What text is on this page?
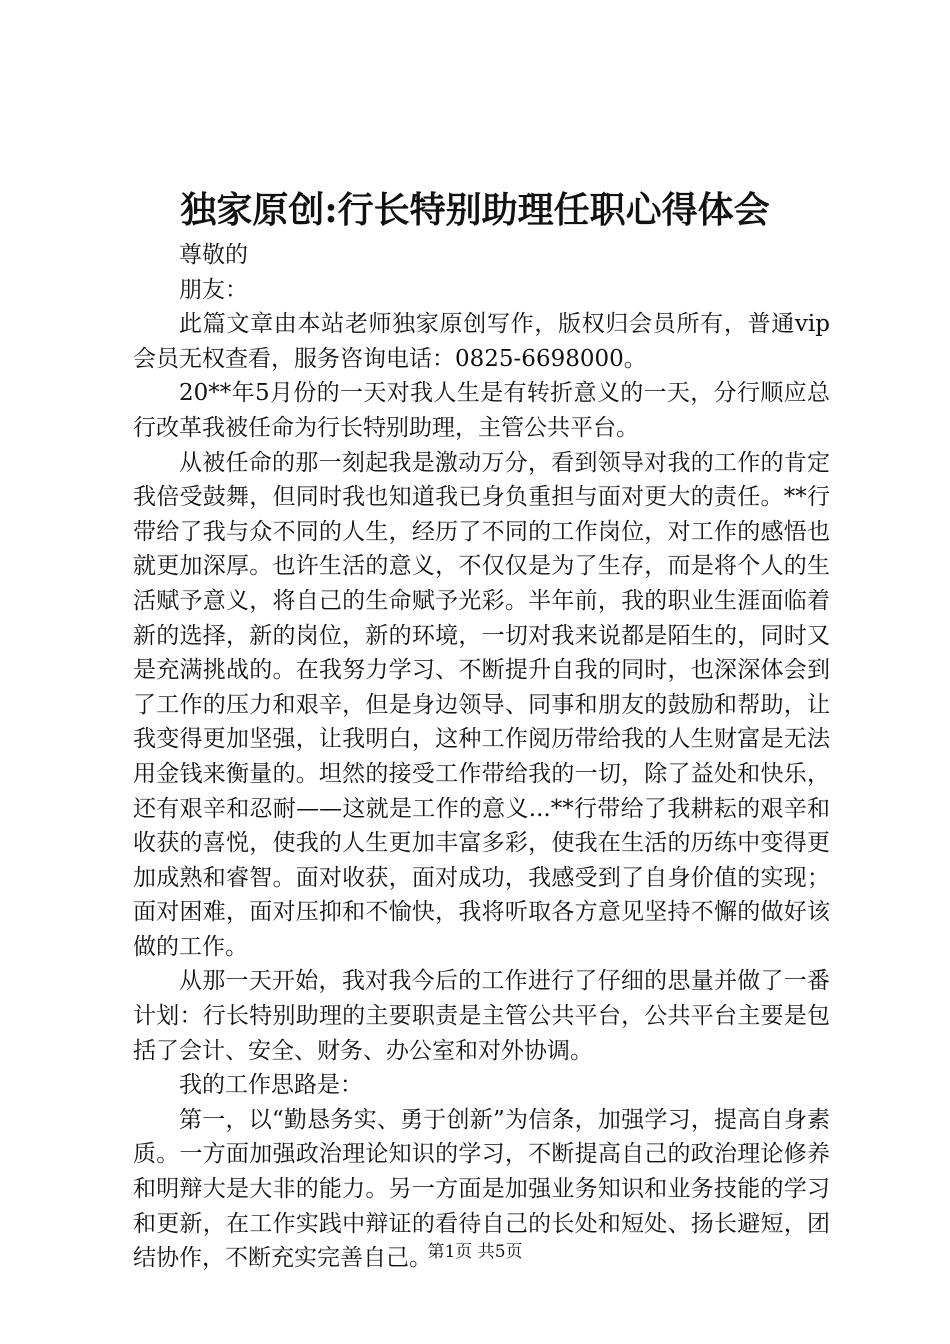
独家原创:行长特别助理任职心得体会

尊敬的

朋友：

此篇文章由本站老师独家原创写作，版权归会员所有，普通vip会员无权查看，服务咨询电话：0825-6698000。

20**年5月份的一天对我人生是有转折意义的一天，分行顺应总行改革我被任命为行长特别助理，主管公共平台。

从被任命的那一刻起我是激动万分，看到领导对我的工作的肯定我倍受鼓舞，但同时我也知道我已身负重担与面对更大的责任。**行带给了我与众不同的人生，经历了不同的工作岗位，对工作的感悟也就更加深厚。也许生活的意义，不仅仅是为了生存，而是将个人的生活赋予意义，将自己的生命赋予光彩。半年前，我的职业生涯面临着新的选择，新的岗位，新的环境，一切对我来说都是陌生的，同时又是充满挑战的。在我努力学习、不断提升自我的同时，也深深体会到了工作的压力和艰辛，但是身边领导、同事和朋友的鼓励和帮助，让我变得更加坚强，让我明白，这种工作阅历带给我的人生财富是无法用金钱来衡量的。坦然的接受工作带给我的一切，除了益处和快乐，还有艰辛和忍耐——这就是工作的意义...**行带给了我耕耘的艰辛和收获的喜悦，使我的人生更加丰富多彩，使我在生活的历练中变得更加成熟和睿智。面对收获，面对成功，我感受到了自身价值的实现；面对困难，面对压抑和不愉快，我将听取各方意见坚持不懈的做好该做的工作。

从那一天开始，我对我今后的工作进行了仔细的思量并做了一番计划：行长特别助理的主要职责是主管公共平台，公共平台主要是包括了会计、安全、财务、办公室和对外协调。

我的工作思路是：

第一，以“勤恳务实、勇于创新”为信条，加强学习，提高自身素质。一方面加强政治理论知识的学习，不断提高自己的政治理论修养和明辩大是大非的能力。另一方面是加强业务知识和业务技能的学习和更新，在工作实践中辩证的看待自己的长处和短处、扬长避短，团结协作，不断充实完善自己。

第1页 共5页
